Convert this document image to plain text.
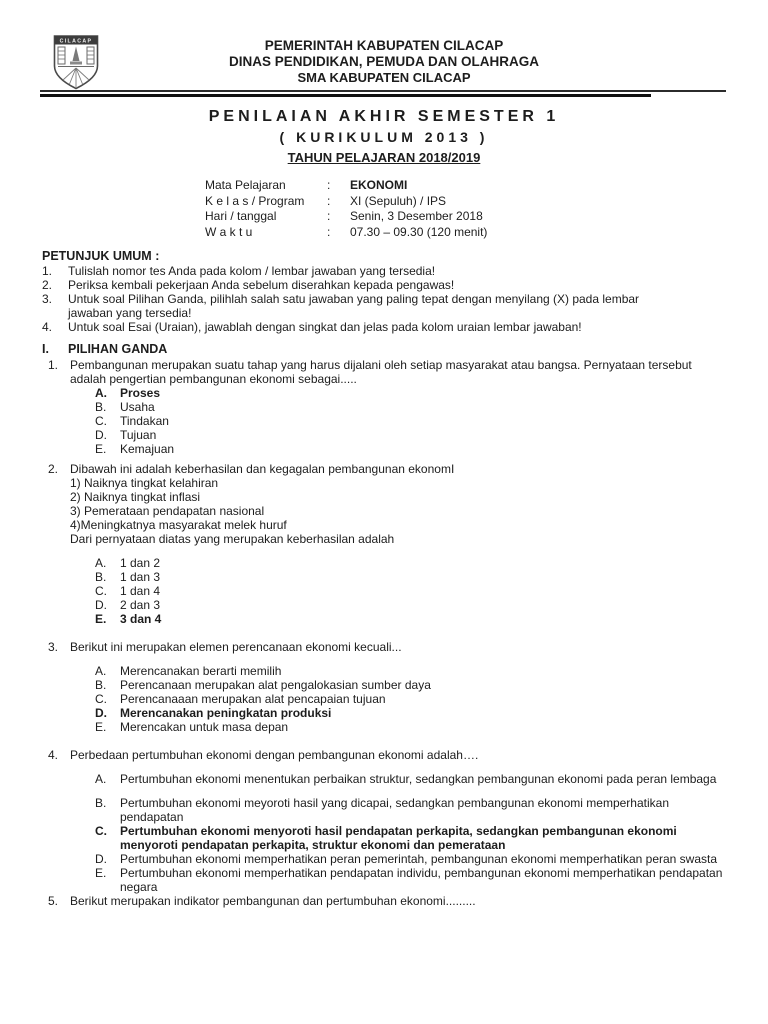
CILACAP	PEMERINTAH KABUPATEN CILACAP
DINAS PENDIDIKAN, PEMUDA DAN OLAHRAGA
SMA KABUPATEN CILACAP
PENILAIAN AKHIR SEMESTER 1
( KURIKULUM 2013 )
TAHUN PELAJARAN 2018/2019
Mata Pelajaran	:	EKONOMI
K e l a s / Program	:	XI (Sepuluh) / IPS
Hari / tanggal	:	Senin, 3 Desember 2018
W a k t u	:	07.30 – 09.30 (120 menit)
PETUNJUK UMUM :
1.	Tulislah nomor tes Anda pada kolom / lembar jawaban yang tersedia!
2.	Periksa kembali pekerjaan Anda sebelum diserahkan kepada pengawas!
3.	Untuk soal Pilihan Ganda, pilihlah salah satu jawaban yang paling tepat dengan menyilang (X) pada lembar jawaban yang tersedia!
4.	Untuk soal Esai (Uraian), jawablah dengan singkat dan jelas pada kolom uraian lembar jawaban!
I.	PILIHAN GANDA
1. Pembangunan merupakan suatu tahap yang harus dijalani oleh setiap masyarakat atau bangsa. Pernyataan tersebut adalah pengertian pembangunan ekonomi sebagai.....
A.	Proses
B.	Usaha
C.	Tindakan
D.	Tujuan
E.	Kemajuan
2. Dibawah ini adalah keberhasilan dan kegagalan pembangunan ekonomI
1) Naiknya tingkat kelahiran
2) Naiknya tingkat inflasi
3) Pemerataan pendapatan nasional
4)Meningkatnya masyarakat melek huruf
Dari pernyataan diatas yang merupakan keberhasilan adalah
A.	1 dan 2
B.	1 dan 3
C.	1 dan 4
D.	2 dan 3
E.	3 dan 4
3. Berikut ini merupakan elemen perencanaan ekonomi kecuali...
A.	Merencanakan berarti memilih
B.	Perencanaan merupakan alat pengalokasian sumber daya
C.	Perencanaaan merupakan alat pencapaian tujuan
D.	Merencanakan peningkatan produksi
E.	Merencakan untuk masa depan
4. Perbedaan pertumbuhan ekonomi dengan pembangunan ekonomi adalah….
A.	Pertumbuhan ekonomi menentukan perbaikan struktur, sedangkan pembangunan ekonomi pada peran lembaga
B.	Pertumbuhan ekonomi meyoroti hasil yang dicapai, sedangkan pembangunan ekonomi memperhatikan pendapatan
C.	Pertumbuhan ekonomi menyoroti hasil pendapatan perkapita, sedangkan pembangunan ekonomi menyoroti pendapatan perkapita, struktur ekonomi dan pemerataan
D.	Pertumbuhan ekonomi memperhatikan peran pemerintah, pembangunan ekonomi memperhatikan peran swasta
E.	Pertumbuhan ekonomi memperhatikan pendapatan individu, pembangunan ekonomi memperhatikan pendapatan negara
5. Berikut merupakan indikator pembangunan dan pertumbuhan ekonomi.........
